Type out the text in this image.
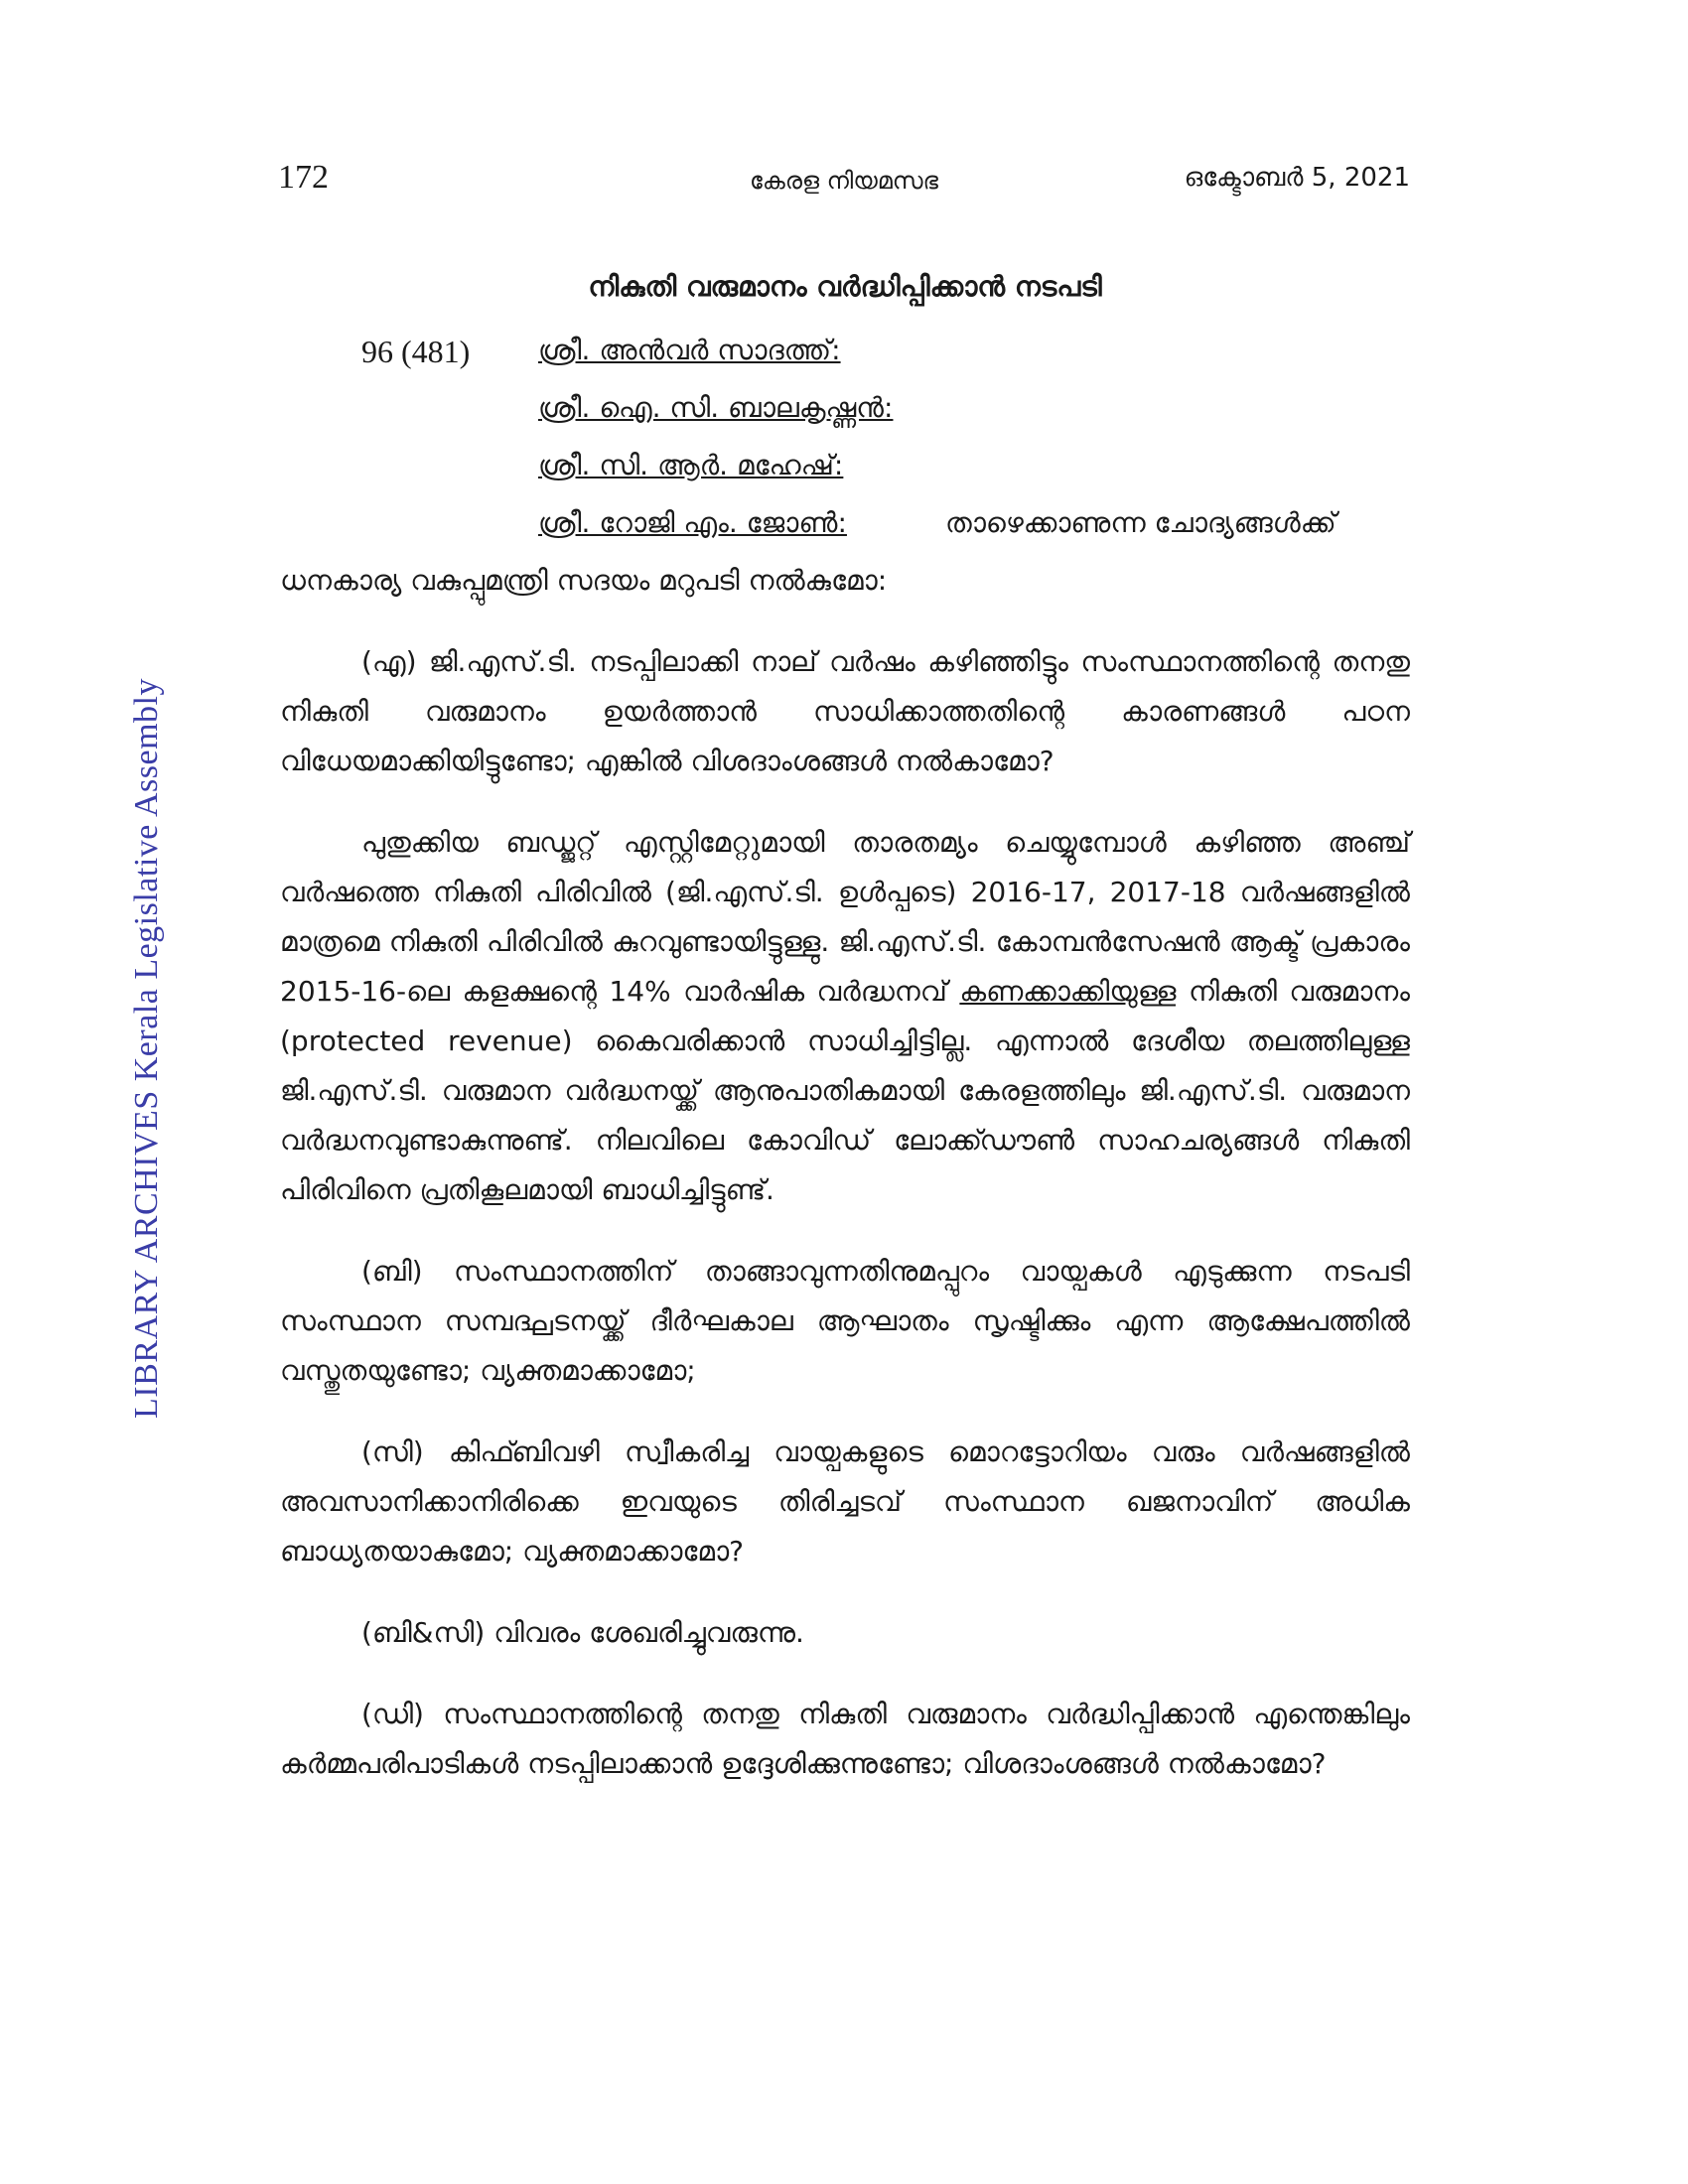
172	കേരള നിയമസഭ	ഒക്ടോബർ 5, 2021
LIBRARY ARCHIVES Kerala Legislative Assembly
നികുതി വരുമാനം വർദ്ധിപ്പിക്കാൻ നടപടി
96 (481) ശ്രീ. അൻവർ സാദത്ത്:
ശ്രീ. ഐ. സി. ബാലകൃഷ്ണൻ:
ശ്രീ. സി. ആർ. മഹേഷ്:
ശ്രീ. റോജി എം. ജോൺ:	താഴെക്കാണുന്ന ചോദ്യങ്ങൾക്ക്

ധനകാര്യ വകുപ്പുമന്ത്രി സദയം മറുപടി നൽകുമോ:

(എ) ജി.എസ്.ടി. നടപ്പിലാക്കി നാല് വർഷം കഴിഞ്ഞിട്ടും സംസ്ഥാനത്തിന്റെ തനതു നികുതി വരുമാനം ഉയർത്താൻ സാധിക്കാത്തതിന്റെ കാരണങ്ങൾ പഠന വിധേയമാക്കിയിട്ടുണ്ടോ; എങ്കിൽ വിശദാംശങ്ങൾ നൽകാമോ?

പുതുക്കിയ ബഡ്ജറ്റ് എസ്റ്റിമേറ്റുമായി താരതമ്യം ചെയ്യുമ്പോൾ കഴിഞ്ഞ അഞ്ച് വർഷത്തെ നികുതി പിരിവിൽ (ജി.എസ്.ടി. ഉൾപ്പടെ) 2016-17, 2017-18 വർഷങ്ങളിൽ മാത്രമെ നികുതി പിരിവിൽ കുറവുണ്ടായിട്ടുള്ളു. ജി.എസ്.ടി. കോമ്പൻസേഷൻ ആക്ട് പ്രകാരം 2015-16-ലെ കളക്ഷന്റെ 14% വാർഷിക വർദ്ധനവ് കണക്കാക്കിയുള്ള നികുതി വരുമാനം (protected revenue) കൈവരിക്കാൻ സാധിച്ചിട്ടില്ല. എന്നാൽ ദേശീയ തലത്തിലുള്ള ജി.എസ്.ടി. വരുമാന വർദ്ധനയ്ക്ക് ആനുപാതികമായി കേരളത്തിലും ജി.എസ്.ടി. വരുമാന വർദ്ധനവുണ്ടാകുന്നുണ്ട്. നിലവിലെ കോവിഡ് ലോക്ക്ഡൗൺ സാഹചര്യങ്ങൾ നികുതി പിരിവിനെ പ്രതികൂലമായി ബാധിച്ചിട്ടുണ്ട്.

(ബി) സംസ്ഥാനത്തിന് താങ്ങാവുന്നതിനുമപ്പുറം വായ്പകൾ എടുക്കുന്ന നടപടി സംസ്ഥാന സമ്പദ്ഘടനയ്ക്ക് ദീർഘകാല ആഘാതം സൃഷ്ടിക്കും എന്ന ആക്ഷേപത്തിൽ വസ്തുതയുണ്ടോ; വ്യക്തമാക്കാമോ;

(സി) കിഫ്ബിവഴി സ്വീകരിച്ച വായ്പകളുടെ മൊറട്ടോറിയം വരും വർഷങ്ങളിൽ അവസാനിക്കാനിരിക്കെ ഇവയുടെ തിരിച്ചടവ് സംസ്ഥാന ഖജനാവിന് അധിക ബാധ്യതയാകുമോ; വ്യക്തമാക്കാമോ?

(ബി&സി) വിവരം ശേഖരിച്ചുവരുന്നു.

(ഡി) സംസ്ഥാനത്തിന്റെ തനതു നികുതി വരുമാനം വർദ്ധിപ്പിക്കാൻ എന്തെങ്കിലും കർമ്മപരിപാടികൾ നടപ്പിലാക്കാൻ ഉദ്ദേശിക്കുന്നുണ്ടോ; വിശദാംശങ്ങൾ നൽകാമോ?
